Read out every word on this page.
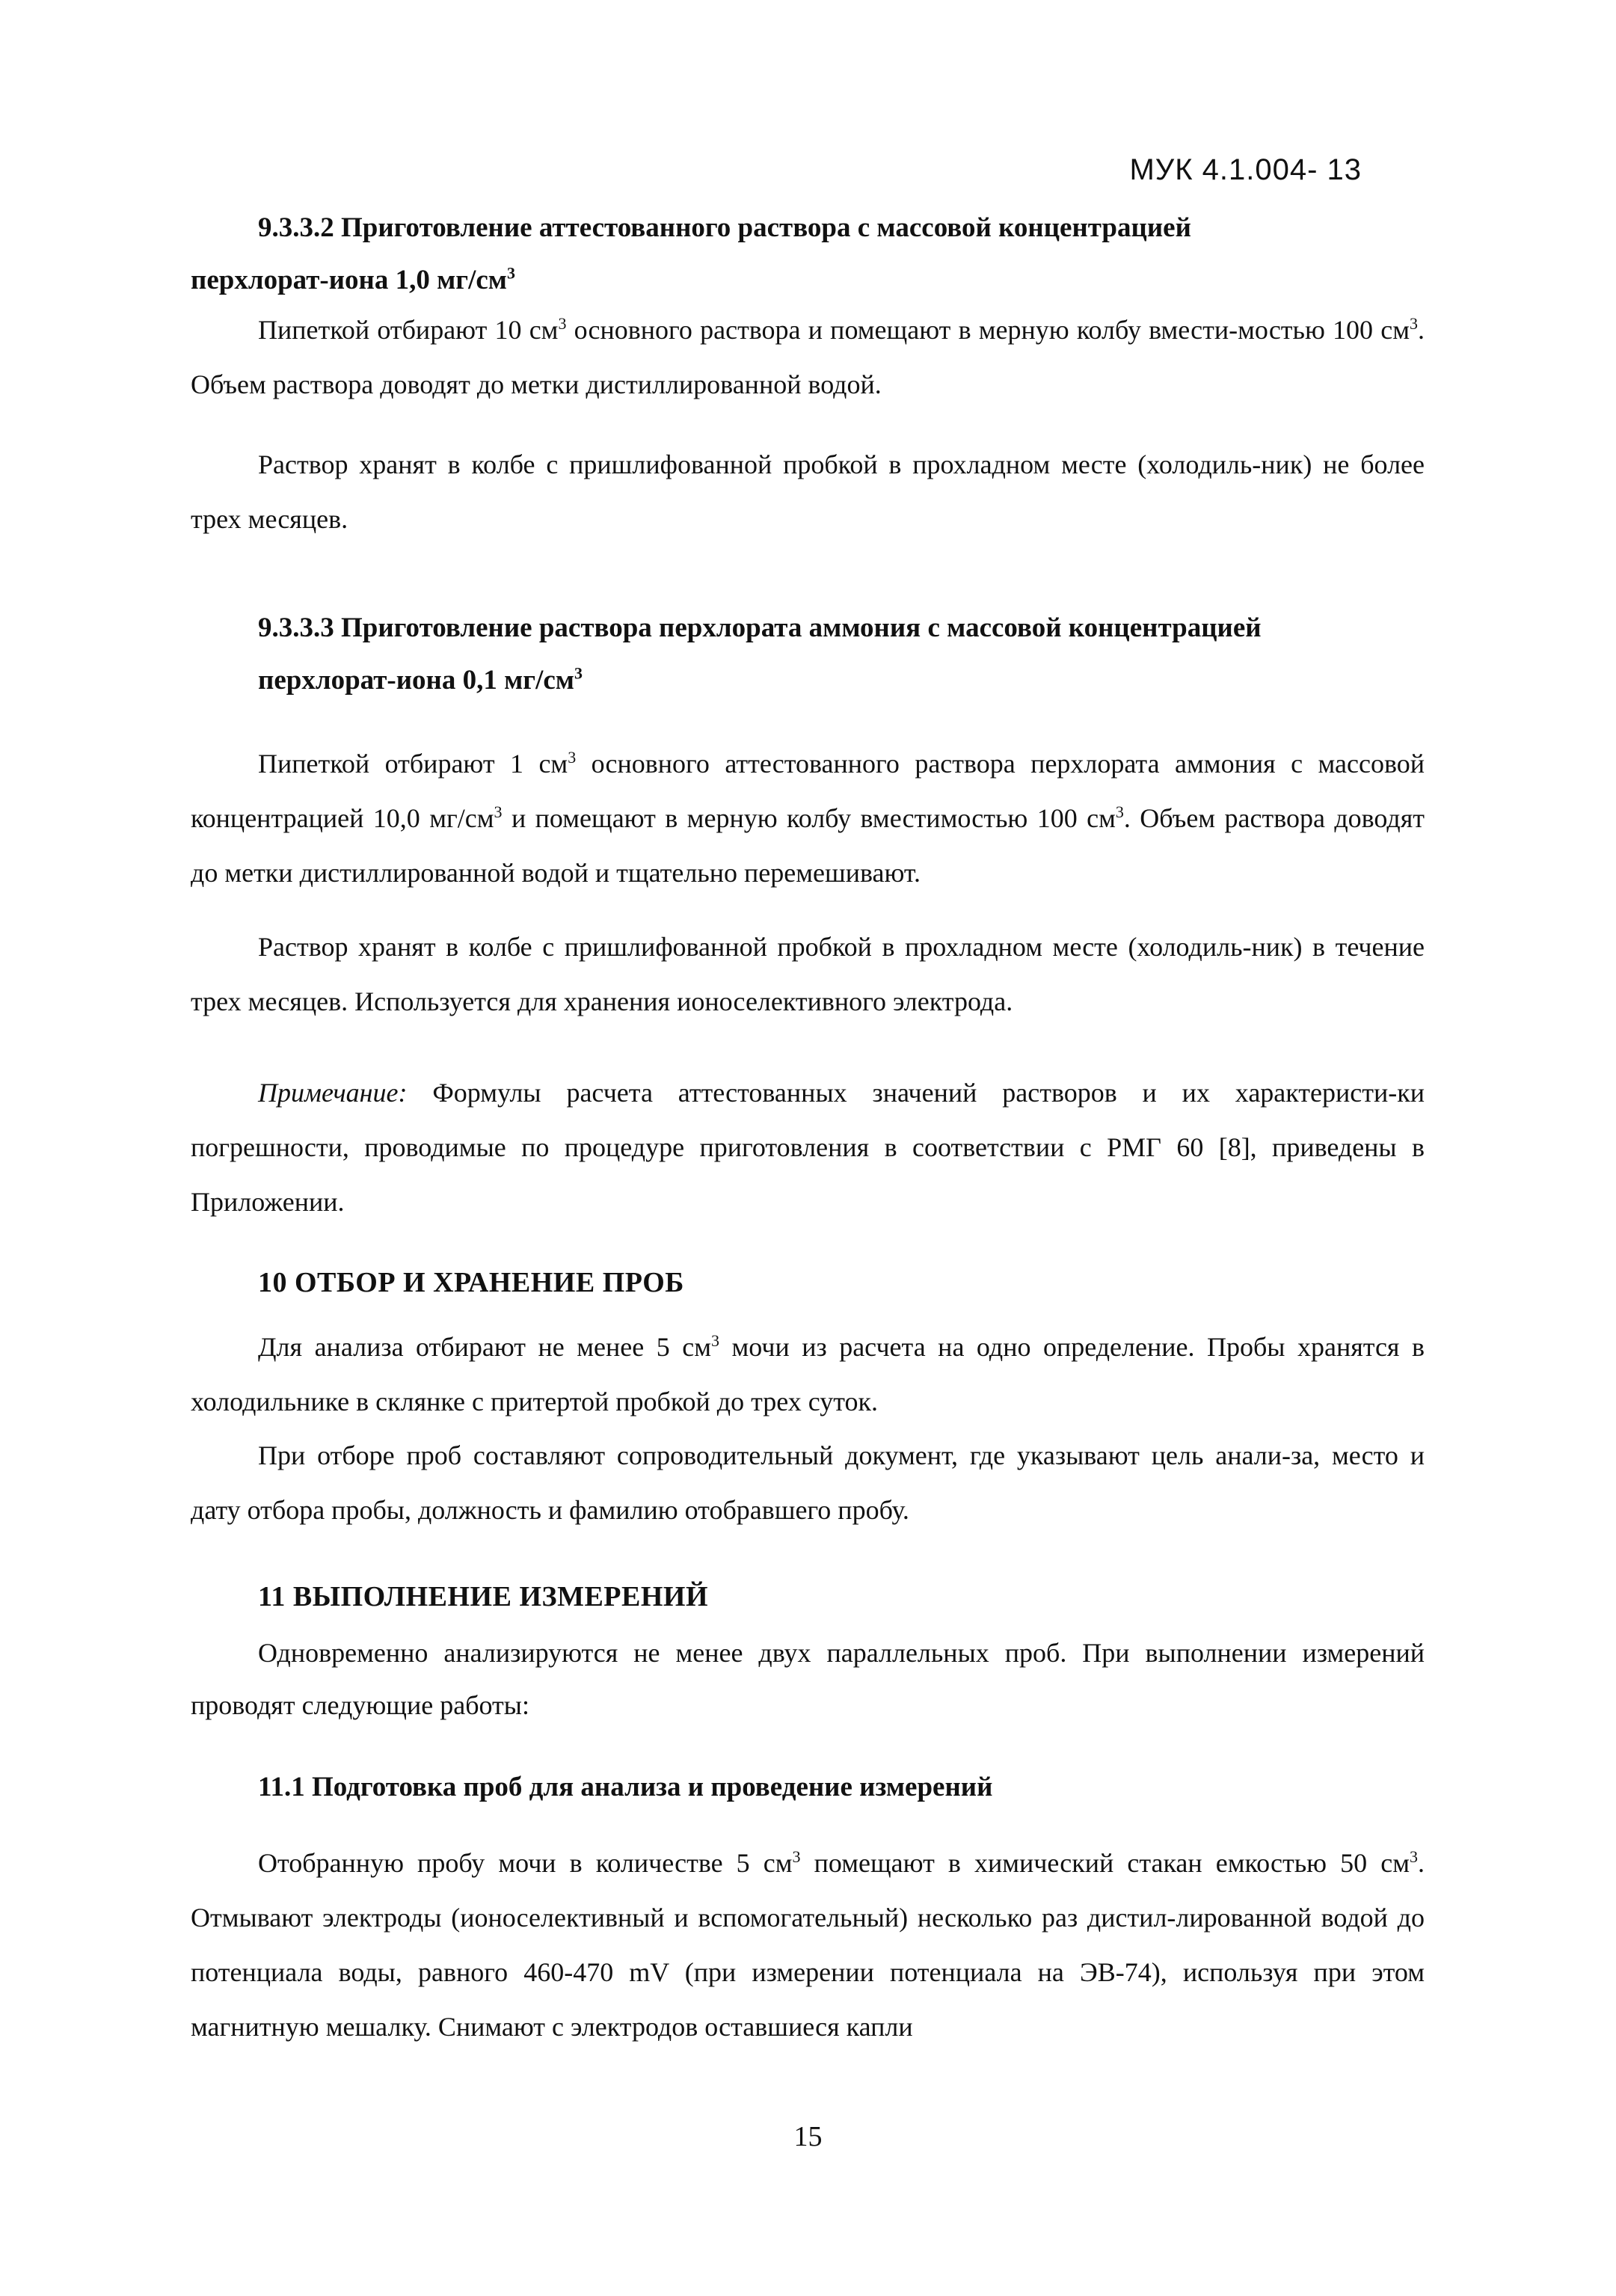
МУК 4.1.004- 13
9.3.3.2 Приготовление аттестованного раствора с массовой концентрацией
перхлорат-иона 1,0 $мг/см^3$
Пипеткой отбирают 10 $см^3$ основного раствора и помещают в мерную колбу вмести-мостью 100 $см^3$. Объем раствора доводят до метки дистиллированной водой.
Раствор хранят в колбе с пришлифованной пробкой в прохладном месте (холодиль-ник) не более трех месяцев.
9.3.3.3 Приготовление раствора перхлората аммония с массовой концентрацией
перхлорат-иона 0,1 $мг/см^3$
Пипеткой отбирают 1 $см^3$ основного аттестованного раствора перхлората аммония с массовой концентрацией 10,0 $мг/см^3$ и помещают в мерную колбу вместимостью 100 $см^3$. Объем раствора доводят до метки дистиллированной водой и тщательно перемешивают.
Раствор хранят в колбе с пришлифованной пробкой в прохладном месте (холодиль-ник) в течение трех месяцев. Используется для хранения ионоселективного электрода.
Примечание: Формулы расчета аттестованных значений растворов и их характеристи-ки погрешности, проводимые по процедуре приготовления в соответствии с РМГ 60 [8], приведены в Приложении.
10 ОТБОР И ХРАНЕНИЕ ПРОБ
Для анализа отбирают не менее 5 $см^3$ мочи из расчета на одно определение. Пробы хранятся в холодильнике в склянке с притертой пробкой до трех суток.
При отборе проб составляют сопроводительный документ, где указывают цель анали-за, место и дату отбора пробы, должность и фамилию отобравшего пробу.
11 ВЫПОЛНЕНИЕ ИЗМЕРЕНИЙ
Одновременно анализируются не менее двух параллельных проб. При выполнении измерений проводят следующие работы:
11.1 Подготовка проб для анализа и проведение измерений
Отобранную пробу мочи в количестве 5 $см^3$ помещают в химический стакан емкостью 50 $см^3$. Отмывают электроды (ионоселективный и вспомогательный) несколько раз дистил-лированной водой до потенциала воды, равного 460-470 mV (при измерении потенциала на ЭВ-74), используя при этом магнитную мешалку. Снимают с электродов оставшиеся капли
15
